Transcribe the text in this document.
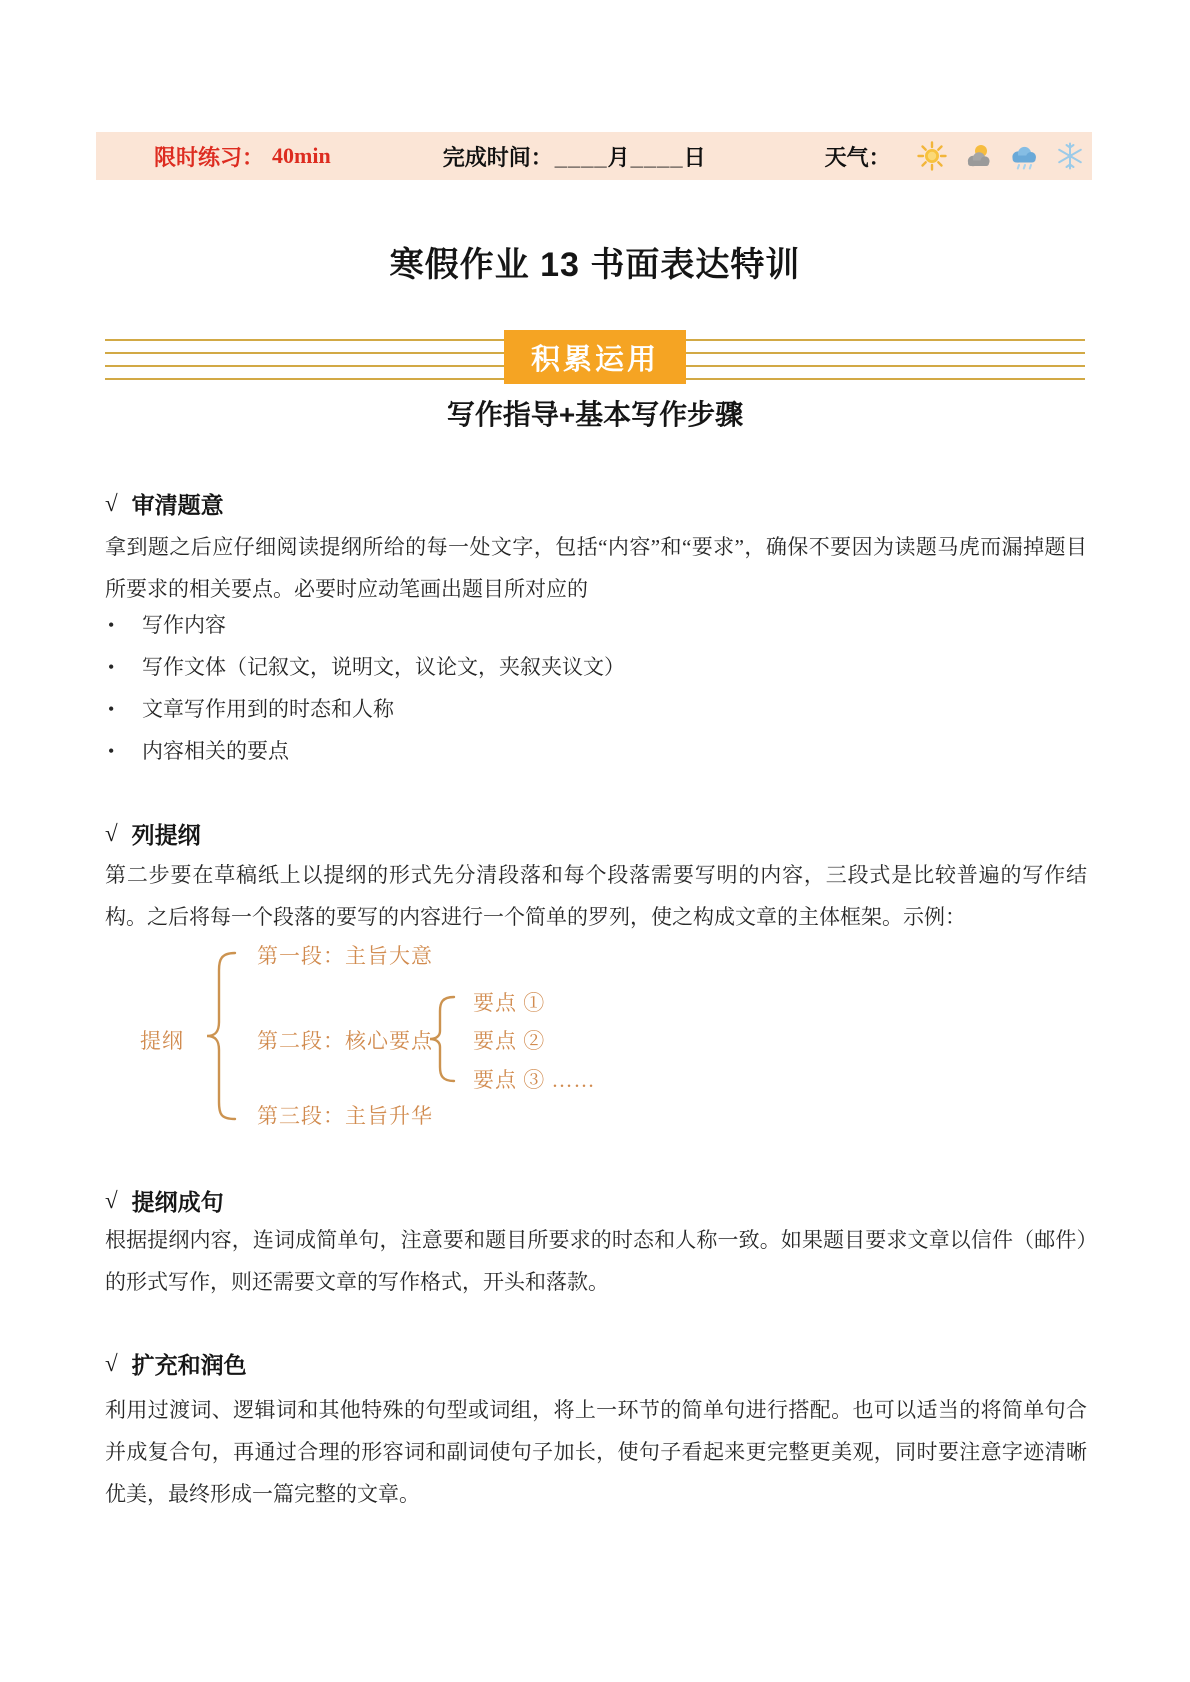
限时练习： 40min	完成时间： ____月____日	天气：
寒假作业 13 书面表达特训
积累运用
写作指导+基本写作步骤
√ 审清题意
拿到题之后应仔细阅读提纲所给的每一处文字，包括“内容”和“要求”，确保不要因为读题马虎而漏掉题目所要求的相关要点。必要时应动笔画出题目所对应的
• 写作内容
• 写作文体（记叙文，说明文，议论文，夹叙夹议文）
• 文章写作用到的时态和人称
• 内容相关的要点
√ 列提纲
第二步要在草稿纸上以提纲的形式先分清段落和每个段落需要写明的内容，三段式是比较普遍的写作结构。之后将每一个段落的要写的内容进行一个简单的罗列，使之构成文章的主体框架。示例：
提纲
第一段：主旨大意
第二段：核心要点
第三段：主旨升华
要点 ①
要点 ②
要点 ③ ……
√ 提纲成句
根据提纲内容，连词成简单句，注意要和题目所要求的时态和人称一致。如果题目要求文章以信件（邮件）的形式写作，则还需要文章的写作格式，开头和落款。
√ 扩充和润色
利用过渡词、逻辑词和其他特殊的句型或词组，将上一环节的简单句进行搭配。也可以适当的将简单句合并成复合句，再通过合理的形容词和副词使句子加长，使句子看起来更完整更美观，同时要注意字迹清晰优美，最终形成一篇完整的文章。
